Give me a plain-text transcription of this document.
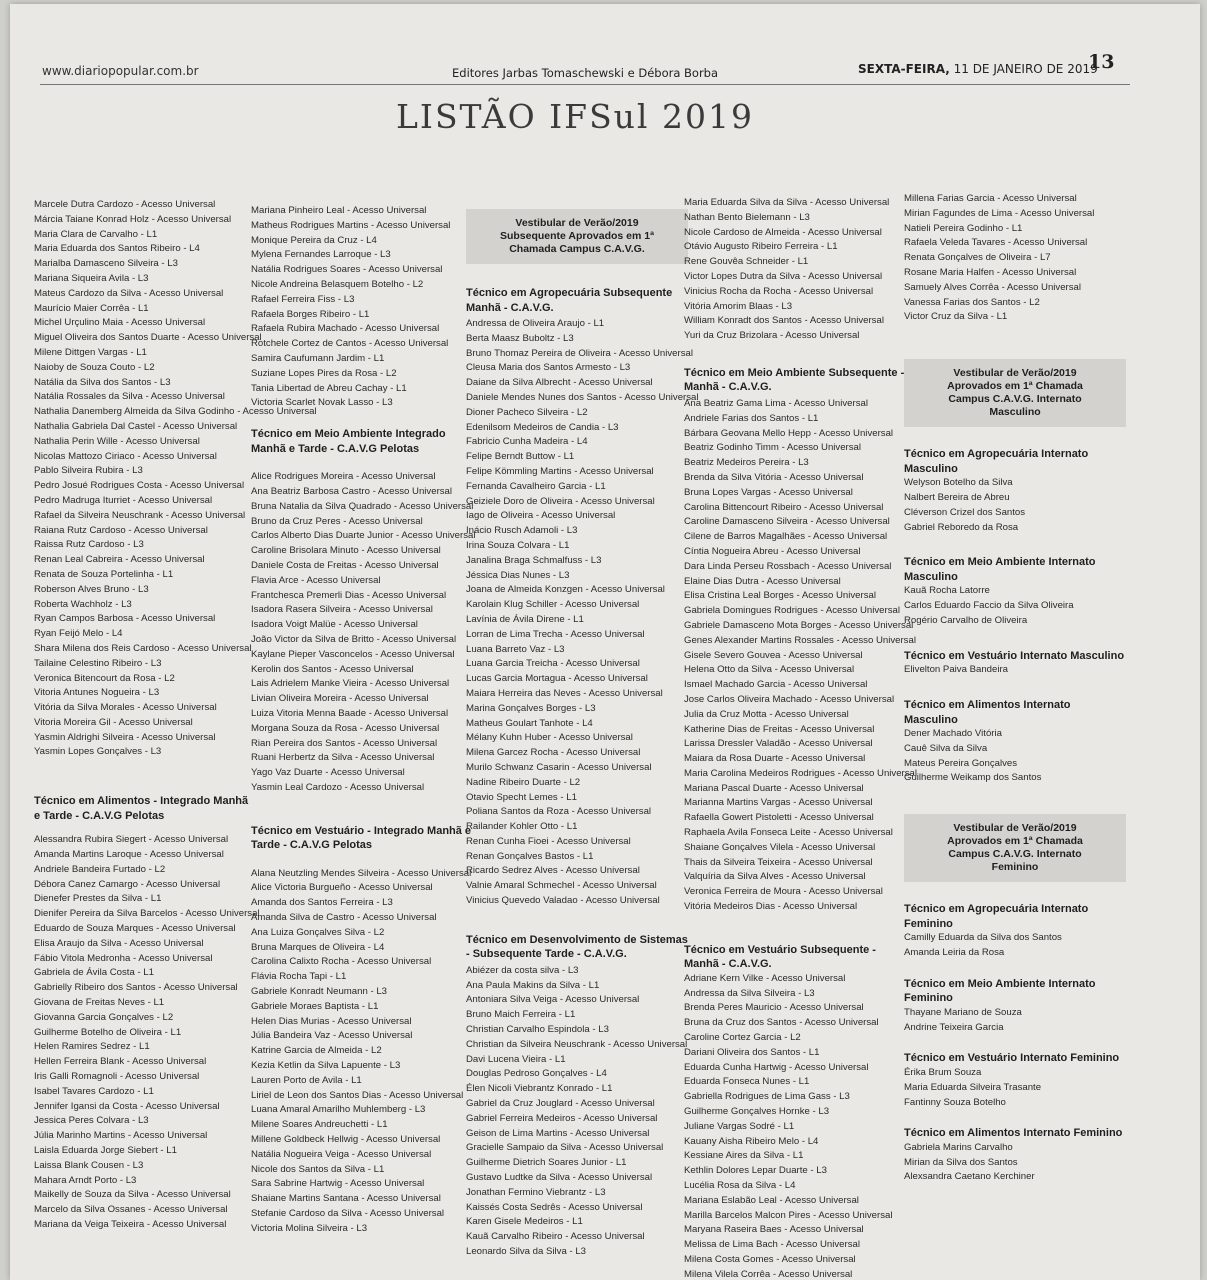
www.diariopopular.com.br	Editores Jarbas Tomaschewski e Débora Borba	SEXTA-FEIRA, 11 DE JANEIRO DE 2019
13
LISTÃO IFSul 2019
Marcele Dutra Cardozo - Acesso Universal
Márcia Taiane Konrad Holz - Acesso Universal
Maria Clara de Carvalho - L1
Maria Eduarda dos Santos Ribeiro - L4
Marialba Damasceno Silveira - L3
Mariana Siqueira Avila - L3
Mateus Cardozo da Silva - Acesso Universal
Maurício Maier Corrêa - L1
Michel Urçulino Maia - Acesso Universal
Miguel Oliveira dos Santos Duarte - Acesso Universal
Milene Dittgen Vargas - L1
Naioby de Souza Couto - L2
Natália da Silva dos Santos - L3
Natália Rossales da Silva - Acesso Universal
Nathalia Danemberg Almeida da Silva Godinho - Acesso Universal
Nathalia Gabriela Dal Castel - Acesso Universal
Nathalia Perin Wille - Acesso Universal
Nicolas Mattozo Ciriaco - Acesso Universal
Pablo Silveira Rubira - L3
Pedro Josué Rodrigues Costa - Acesso Universal
Pedro Madruga Iturriet - Acesso Universal
Rafael da Silveira Neuschrank - Acesso Universal
Raiana Rutz Cardoso - Acesso Universal
Raissa Rutz Cardoso - L3
Renan Leal Cabreira - Acesso Universal
Renata de Souza Portelinha - L1
Roberson Alves Bruno - L3
Roberta Wachholz - L3
Ryan Campos Barbosa - Acesso Universal
Ryan Feijó Melo - L4
Shara Milena dos Reis Cardoso - Acesso Universal
Tailaine Celestino Ribeiro - L3
Veronica Bitencourt da Rosa - L2
Vitoria Antunes Nogueira - L3
Vitória da Silva Morales - Acesso Universal
Vitoria Moreira Gil - Acesso Universal
Yasmin Aldrighi Silveira - Acesso Universal
Yasmin Lopes Gonçalves - L3
Técnico em Alimentos - Integrado Manhã e Tarde - C.A.V.G Pelotas
Alessandra Rubira Siegert - Acesso Universal
Amanda Martins Laroque - Acesso Universal
Andriele Bandeira Furtado - L2
Débora Canez Camargo - Acesso Universal
Dienefer Prestes da Silva - L1
Dienifer Pereira da Silva Barcelos - Acesso Universal
Eduardo de Souza Marques - Acesso Universal
Elisa Araujo da Silva - Acesso Universal
Fábio Vitola Medronha - Acesso Universal
Gabriela de Ávila Costa - L1
Gabrielly Ribeiro dos Santos - Acesso Universal
Giovana de Freitas Neves - L1
Giovanna Garcia Gonçalves - L2
Guilherme Botelho de Oliveira - L1
Helen Ramires Sedrez - L1
Hellen Ferreira Blank - Acesso Universal
Iris Galli Romagnoli - Acesso Universal
Isabel Tavares Cardozo - L1
Jennifer Igansi da Costa - Acesso Universal
Jessica Peres Colvara - L3
Júlia Marinho Martins - Acesso Universal
Laisla Eduarda Jorge Siebert - L1
Laissa Blank Cousen - L3
Mahara Arndt Porto - L3
Maikelly de Souza da Silva - Acesso Universal
Marcelo da Silva Ossanes - Acesso Universal
Mariana da Veiga Teixeira - Acesso Universal
Mariana Pinheiro Leal - Acesso Universal
Matheus Rodrigues Martins - Acesso Universal
Monique Pereira da Cruz - L4
Mylena Fernandes Larroque - L3
Natália Rodrigues Soares - Acesso Universal
Nicole Andreina Belasquem Botelho - L2
Rafael Ferreira Fiss - L3
Rafaela Borges Ribeiro - L1
Rafaela Rubira Machado - Acesso Universal
Rotchele Cortez de Cantos - Acesso Universal
Samira Caufumann Jardim - L1
Suziane Lopes Pires da Rosa - L2
Tania Libertad de Abreu Cachay - L1
Victoria Scarlet Novak Lasso - L3
Técnico em Meio Ambiente Integrado Manhã e Tarde - C.A.V.G Pelotas
Alice Rodrigues Moreira - Acesso Universal
Ana Beatriz Barbosa Castro - Acesso Universal
Bruna Natalia da Silva Quadrado - Acesso Universal
Bruno da Cruz Peres - Acesso Universal
Carlos Alberto Dias Duarte Junior - Acesso Universal
Caroline Brisolara Minuto - Acesso Universal
Daniele Costa de Freitas - Acesso Universal
Flavia Arce - Acesso Universal
Frantchesca Premerli Dias - Acesso Universal
Isadora Rasera Silveira - Acesso Universal
Isadora Voigt Malüe - Acesso Universal
João Victor da Silva de Britto - Acesso Universal
Kaylane Pieper Vasconcelos - Acesso Universal
Kerolin dos Santos - Acesso Universal
Lais Adrielem Manke Vieira - Acesso Universal
Livian Oliveira Moreira - Acesso Universal
Luiza Vitoria Menna Baade - Acesso Universal
Morgana Souza da Rosa - Acesso Universal
Rian Pereira dos Santos - Acesso Universal
Ruani Herbertz da Silva - Acesso Universal
Yago Vaz Duarte - Acesso Universal
Yasmin Leal Cardozo - Acesso Universal
Técnico em Vestuário - Integrado Manhã e Tarde - C.A.V.G Pelotas
Alana Neutzling Mendes Silveira - Acesso Universal
Alice Victoria Burgueño - Acesso Universal
Amanda dos Santos Ferreira - L3
Amanda Silva de Castro - Acesso Universal
Ana Luiza Gonçalves Silva - L2
Bruna Marques de Oliveira - L4
Carolina Calixto Rocha - Acesso Universal
Flávia Rocha Tapi - L1
Gabriele Konradt Neumann - L3
Gabriele Moraes Baptista - L1
Helen Dias Murias - Acesso Universal
Júlia Bandeira Vaz - Acesso Universal
Katrine Garcia de Almeida - L2
Kezia Ketlin da Silva Lapuente - L3
Lauren Porto de Avila - L1
Liriel de Leon dos Santos Dias - Acesso Universal
Luana Amaral Amarilho Muhlemberg - L3
Milene Soares Andreuchetti - L1
Millene Goldbeck Hellwig - Acesso Universal
Natália Nogueira Veiga - Acesso Universal
Nicole dos Santos da Silva - L1
Sara Sabrine Hartwig - Acesso Universal
Shaiane Martins Santana - Acesso Universal
Stefanie Cardoso da Silva - Acesso Universal
Victoria Molina Silveira - L3
Vestibular de Verão/2019 Subsequente Aprovados em 1ª Chamada Campus C.A.V.G.
Técnico em Agropecuária Subsequente Manhã - C.A.V.G.
Andressa de Oliveira Araujo - L1
Berta Maasz Buboltz - L3
Bruno Thomaz Pereira de Oliveira - Acesso Universal
Cleusa Maria dos Santos Armesto - L3
Daiane da Silva Albrecht - Acesso Universal
Daniele Mendes Nunes dos Santos - Acesso Universal
Dioner Pacheco Silveira - L2
Edenilsom Medeiros de Candia - L3
Fabricio Cunha Madeira - L4
Felipe Berndt Buttow - L1
Felipe Kömmling Martins - Acesso Universal
Fernanda Cavalheiro Garcia - L1
Geiziele Doro de Oliveira - Acesso Universal
Iago de Oliveira - Acesso Universal
Inácio Rusch Adamoli - L3
Irina Souza Colvara - L1
Janalina Braga Schmalfuss - L3
Jéssica Dias Nunes - L3
Joana de Almeida Konzgen - Acesso Universal
Karolain Klug Schiller - Acesso Universal
Lavínia de Ávila Direne - L1
Lorran de Lima Trecha - Acesso Universal
Luana Barreto Vaz - L3
Luana Garcia Treicha - Acesso Universal
Lucas Garcia Mortagua - Acesso Universal
Maiara Herreira das Neves - Acesso Universal
Marina Gonçalves Borges - L3
Matheus Goulart Tanhote - L4
Mélany Kuhn Huber - Acesso Universal
Milena Garcez Rocha - Acesso Universal
Murilo Schwanz Casarin - Acesso Universal
Nadine Ribeiro Duarte - L2
Otavio Specht Lemes - L1
Poliana Santos da Roza - Acesso Universal
Railander Kohler Otto - L1
Renan Cunha Fioei - Acesso Universal
Renan Gonçalves Bastos - L1
Ricardo Sedrez Alves - Acesso Universal
Valnie Amaral Schmechel - Acesso Universal
Vinicius Quevedo Valadao - Acesso Universal
Técnico em Desenvolvimento de Sistemas - Subsequente Tarde - C.A.V.G.
Abiézer da costa silva - L3
Ana Paula Makins da Silva - L1
Antoniara Silva Veiga - Acesso Universal
Bruno Maich Ferreira - L1
Christian Carvalho Espindola - L3
Christian da Silveira Neuschrank - Acesso Universal
Davi Lucena Vieira - L1
Douglas Pedroso Gonçalves - L4
Élen Nicoli Viebrantz Konrado - L1
Gabriel da Cruz Jouglard - Acesso Universal
Gabriel Ferreira Medeiros - Acesso Universal
Geison de Lima Martins - Acesso Universal
Gracielle Sampaio da Silva - Acesso Universal
Guilherme Dietrich Soares Junior - L1
Gustavo Ludtke da Silva - Acesso Universal
Jonathan Fermino Viebrantz - L3
Kaissés Costa Sedrês - Acesso Universal
Karen Gisele Medeiros - L1
Kauã Carvalho Ribeiro - Acesso Universal
Leonardo Silva da Silva - L3
Maria Eduarda Silva da Silva - Acesso Universal
Nathan Bento Bielemann - L3
Nicole Cardoso de Almeida - Acesso Universal
Otávio Augusto Ribeiro Ferreira - L1
Rene Gouvêa Schneider - L1
Victor Lopes Dutra da Silva - Acesso Universal
Vinicius Rocha da Rocha - Acesso Universal
Vitória Amorim Blaas - L3
William Konradt dos Santos - Acesso Universal
Yuri da Cruz Brizolara - Acesso Universal
Técnico em Meio Ambiente Subsequente - Manhã - C.A.V.G.
Ana Beatriz Gama Lima - Acesso Universal
Andriele Farias dos Santos - L1
Bárbara Geovana Mello Hepp - Acesso Universal
Beatriz Godinho Timm - Acesso Universal
Beatriz Medeiros Pereira - L3
Brenda da Silva Vitória - Acesso Universal
Bruna Lopes Vargas - Acesso Universal
Carolina Bittencourt Ribeiro - Acesso Universal
Caroline Damasceno Silveira - Acesso Universal
Cilene de Barros Magalhães - Acesso Universal
Cíntia Nogueira Abreu - Acesso Universal
Dara Linda Perseu Rossbach - Acesso Universal
Elaine Dias Dutra - Acesso Universal
Elisa Cristina Leal Borges - Acesso Universal
Gabriela Domingues Rodrigues - Acesso Universal
Gabriele Damasceno Mota Borges - Acesso Universal
Genes Alexander Martins Rossales - Acesso Universal
Gisele Severo Gouvea - Acesso Universal
Helena Otto da Silva - Acesso Universal
Ismael Machado Garcia - Acesso Universal
Jose Carlos Oliveira Machado - Acesso Universal
Julia da Cruz Motta - Acesso Universal
Katherine Dias de Freitas - Acesso Universal
Larissa Dressler Valadão - Acesso Universal
Maiara da Rosa Duarte - Acesso Universal
Maria Carolina Medeiros Rodrigues - Acesso Universal
Mariana Pascal Duarte - Acesso Universal
Marianna Martins Vargas - Acesso Universal
Rafaella Gowert Pistoletti - Acesso Universal
Raphaela Avila Fonseca Leite - Acesso Universal
Shaiane Gonçalves Vilela - Acesso Universal
Thais da Silveira Teixeira - Acesso Universal
Valquíria da Silva Alves - Acesso Universal
Veronica Ferreira de Moura - Acesso Universal
Vitória Medeiros Dias - Acesso Universal
Técnico em Vestuário Subsequente - Manhã - C.A.V.G.
Adriane Kern Vilke - Acesso Universal
Andressa da Silva Silveira - L3
Brenda Peres Mauricio - Acesso Universal
Bruna da Cruz dos Santos - Acesso Universal
Caroline Cortez Garcia - L2
Dariani Oliveira dos Santos - L1
Eduarda Cunha Hartwig - Acesso Universal
Eduarda Fonseca Nunes - L1
Gabriella Rodrigues de Lima Gass - L3
Guilherme Gonçalves Hornke - L3
Juliane Vargas Sodré - L1
Kauany Aisha Ribeiro Melo - L4
Kessiane Aires da Silva - L1
Kethlin Dolores Lepar Duarte - L3
Lucélia Rosa da Silva - L4
Mariana Eslabão Leal - Acesso Universal
Marilla Barcelos Malcon Pires - Acesso Universal
Maryana Raseira Baes - Acesso Universal
Melissa de Lima Bach - Acesso Universal
Milena Costa Gomes - Acesso Universal
Milena Vilela Corrêa - Acesso Universal
Millena Farias Garcia - Acesso Universal
Mirian Fagundes de Lima - Acesso Universal
Natieli Pereira Godinho - L1
Rafaela Veleda Tavares - Acesso Universal
Renata Gonçalves de Oliveira - L7
Rosane Maria Halfen - Acesso Universal
Samuely Alves Corrêa - Acesso Universal
Vanessa Farias dos Santos - L2
Victor Cruz da Silva - L1
Vestibular de Verão/2019 Aprovados em 1ª Chamada Campus C.A.V.G. Internato Masculino
Técnico em Agropecuária Internato Masculino
Welyson Botelho da Silva
Nalbert Bereira de Abreu
Cléverson Crizel dos Santos
Gabriel Reboredo da Rosa
Técnico em Meio Ambiente Internato Masculino
Kauã Rocha Latorre
Carlos Eduardo Faccio da Silva Oliveira
Rogério Carvalho de Oliveira
Técnico em Vestuário Internato Masculino
Elivelton Paiva Bandeira
Técnico em Alimentos Internato Masculino
Dener Machado Vitória
Cauê Silva da Silva
Mateus Pereira Gonçalves
Guilherme Weikamp dos Santos
Vestibular de Verão/2019 Aprovados em 1ª Chamada Campus C.A.V.G. Internato Feminino
Técnico em Agropecuária Internato Feminino
Camilly Eduarda da Silva dos Santos
Amanda Leiria da Rosa
Técnico em Meio Ambiente Internato Feminino
Thayane Mariano de Souza
Andrine Teixeira Garcia
Técnico em Vestuário Internato Feminino
Érika Brum Souza
Maria Eduarda Silveira Trasante
Fantinny Souza Botelho
Técnico em Alimentos Internato Feminino
Gabriela Marins Carvalho
Mirian da Silva dos Santos
Alexsandra Caetano Kerchiner
